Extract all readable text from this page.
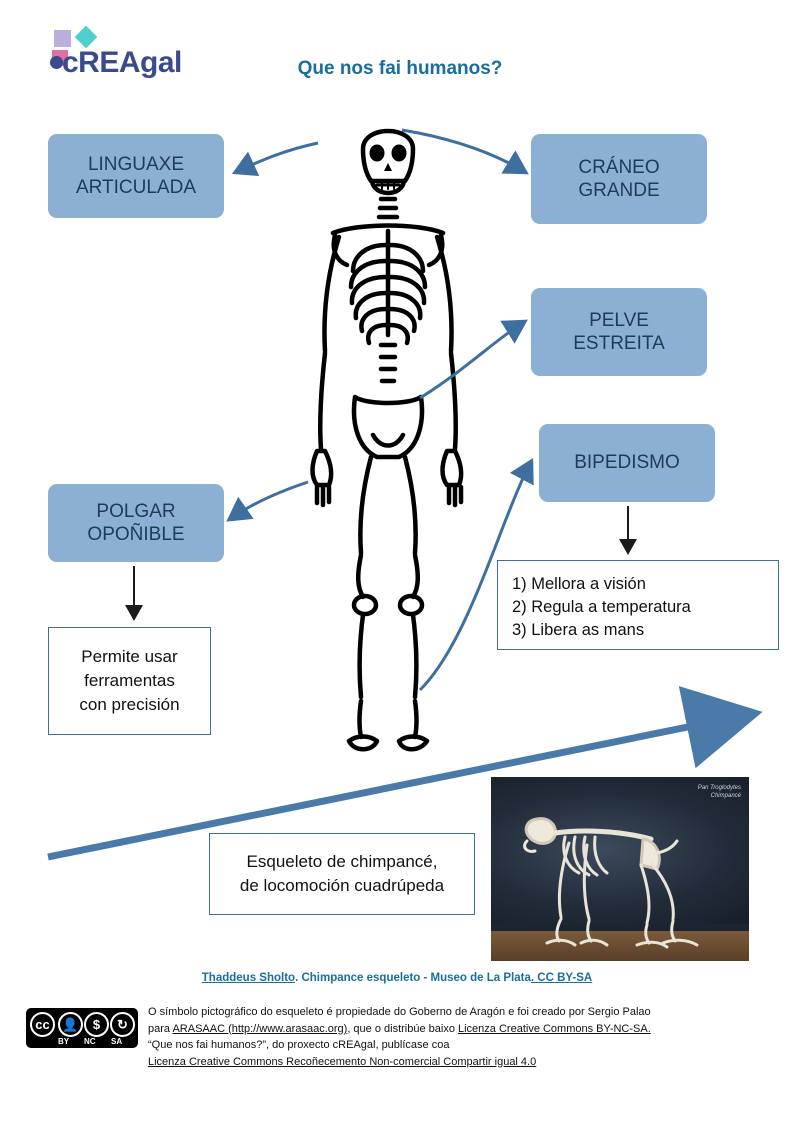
cREAgal	Que nos fai humanos?
LINGUAXE
ARTICULADA
CRÁNEO
GRANDE
PELVE
ESTREITA
BIPEDISMO
POLGAR
OPOÑIBLE
Permite usar
ferramentas
con precisión
1) Mellora a visión
2) Regula a temperatura
3) Libera as mans
Esqueleto de chimpancé,
de locomoción cuadrúpeda
Pan Troglodytes
Chimpancé
Thaddeus Sholto. Chimpance esqueleto - Museo de La Plata. CC BY-SA
cc 👤	$	↻
BY NC SA
O símbolo pictográfico do esqueleto é propiedade do Goberno de Aragón e foi creado por Sergio Palao
para ARASAAC (http://www.arasaac.org), que o distribúe baixo Licenza Creative Commons BY-NC-SA.
“Que nos fai humanos?”, do proxecto cREAgal, publícase coa
Licenza Creative Commons Recoñecemento Non-comercial Compartir igual 4.0
